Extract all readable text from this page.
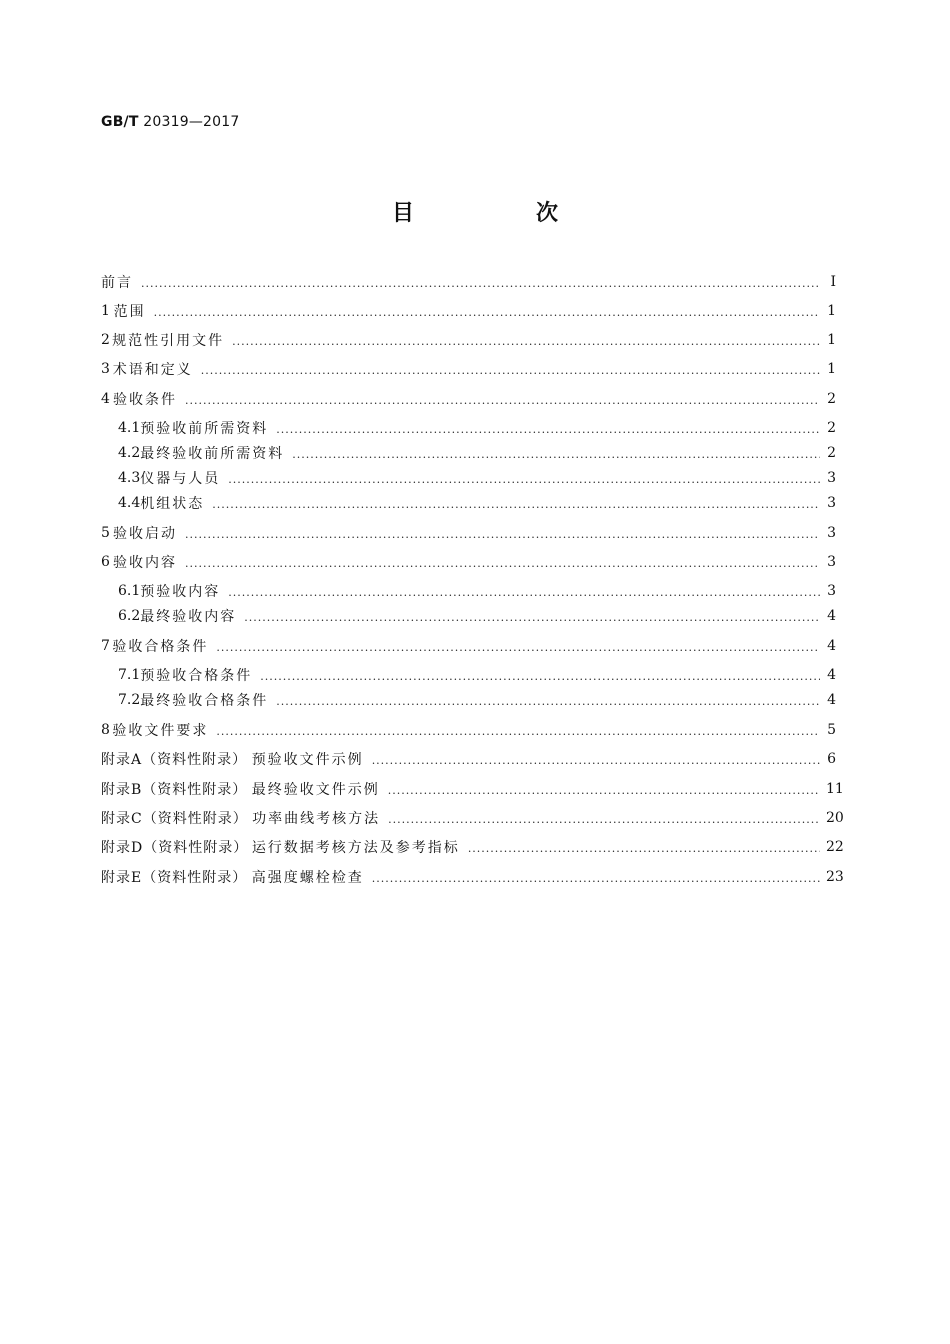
GB/T 20319—2017
目　次
前言 .....	I
1 范围 .....	1
2 规范性引用文件 .....	1
3 术语和定义 .....	1
4 验收条件 .....	2
4.1 预验收前所需资料 .....	2
4.2 最终验收前所需资料 .....	2
4.3 仪器与人员 .....	3
4.4 机组状态 .....	3
5 验收启动 .....	3
6 验收内容 .....	3
6.1 预验收内容 .....	3
6.2 最终验收内容 .....	4
7 验收合格条件 .....	4
7.1 预验收合格条件 .....	4
7.2 最终验收合格条件 .....	4
8 验收文件要求 .....	5
附录A（资料性附录） 预验收文件示例 .....	6
附录B（资料性附录） 最终验收文件示例 .....	11
附录C（资料性附录） 功率曲线考核方法 .....	20
附录D（资料性附录） 运行数据考核方法及参考指标 .....	22
附录E（资料性附录） 高强度螺栓检查 .....	23
